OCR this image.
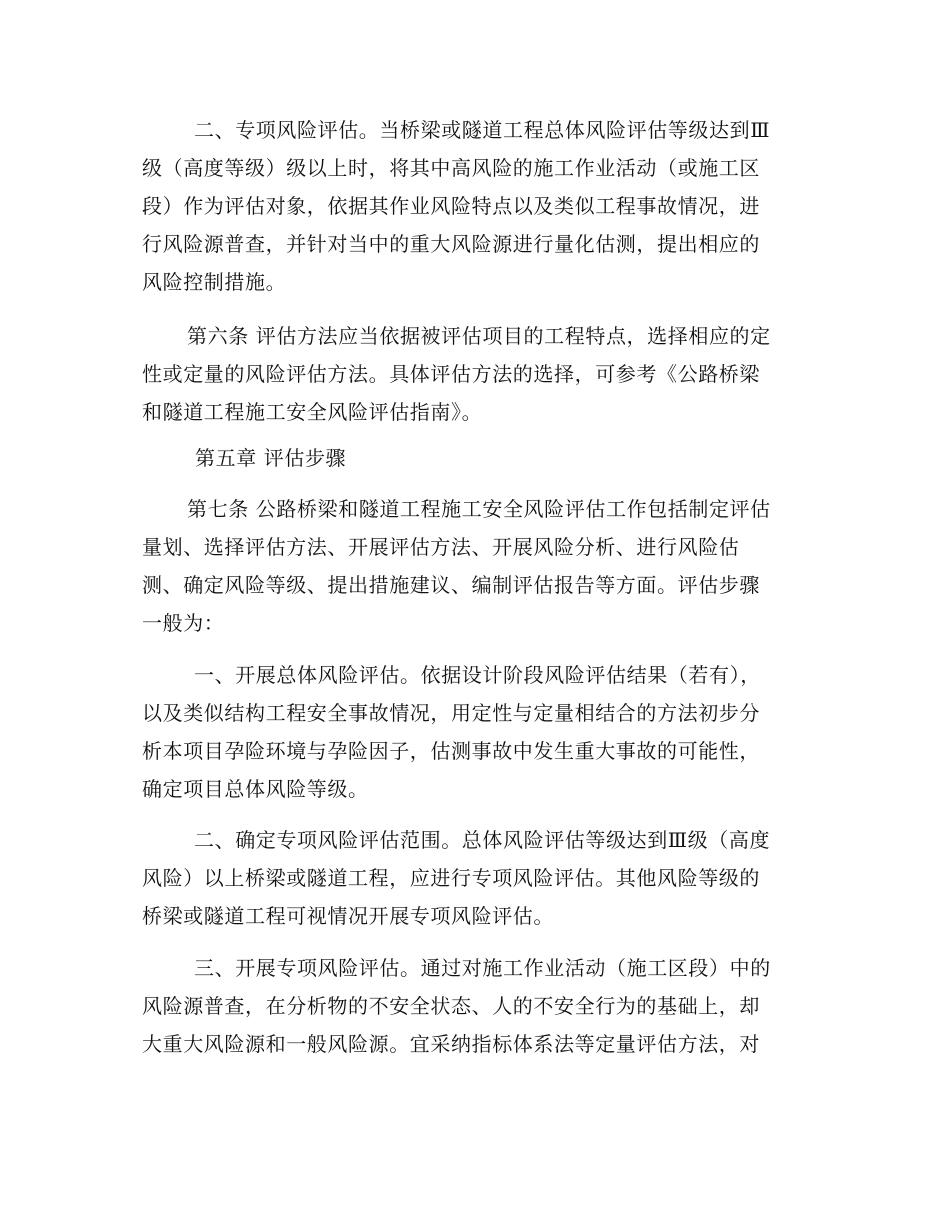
二、专项风险评估。当桥梁或隧道工程总体风险评估等级达到Ⅲ
级（高度等级）级以上时，将其中高风险的施工作业活动（或施工区
段）作为评估对象，依据其作业风险特点以及类似工程事故情况，进
行风险源普查，并针对当中的重大风险源进行量化估测，提出相应的
风险控制措施。
第六条 评估方法应当依据被评估项目的工程特点，选择相应的定
性或定量的风险评估方法。具体评估方法的选择，可参考《公路桥梁
和隧道工程施工安全风险评估指南》。
第五章 评估步骤
第七条 公路桥梁和隧道工程施工安全风险评估工作包括制定评估
量划、选择评估方法、开展评估方法、开展风险分析、进行风险估
测、确定风险等级、提出措施建议、编制评估报告等方面。评估步骤
一般为：
一、开展总体风险评估。依据设计阶段风险评估结果（若有），
以及类似结构工程安全事故情况，用定性与定量相结合的方法初步分
析本项目孕险环境与孕险因子，估测事故中发生重大事故的可能性，
确定项目总体风险等级。
二、确定专项风险评估范围。总体风险评估等级达到Ⅲ级（高度
风险）以上桥梁或隧道工程，应进行专项风险评估。其他风险等级的
桥梁或隧道工程可视情况开展专项风险评估。
三、开展专项风险评估。通过对施工作业活动（施工区段）中的
风险源普查，在分析物的不安全状态、人的不安全行为的基础上，却
大重大风险源和一般风险源。宜采纳指标体系法等定量评估方法，对
